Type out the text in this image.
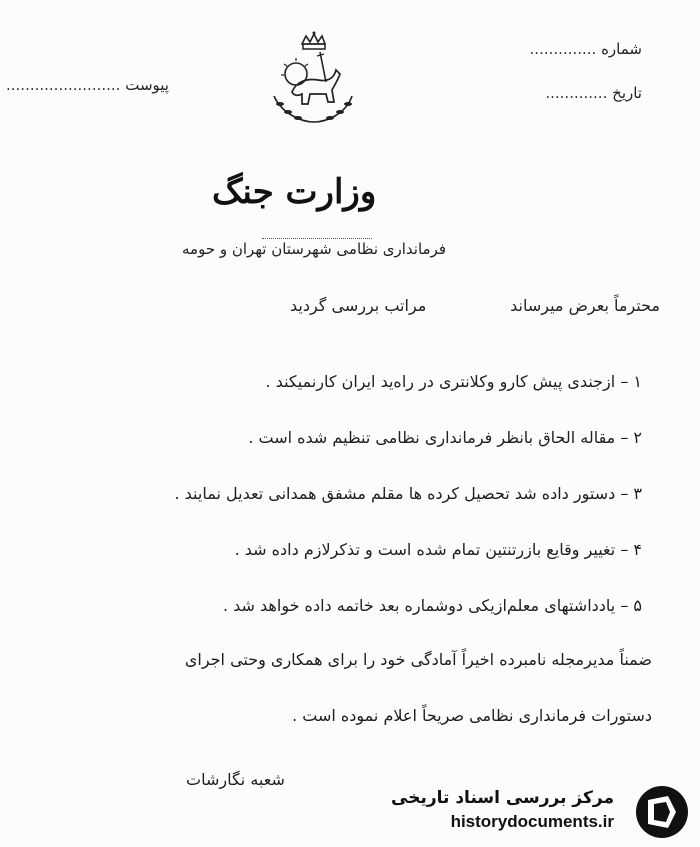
شماره ..............
تاریخ .............
پیوست ........................
وزارت جنگ
فرمانداری نظامی شهرستان تهران و حومه
محترماً بعرض میرساند
مراتب بررسی گردید
۱ – ازجندی پیش کارو وکلانتری در راه‌ید ایران کارنمیکند .
۲ – مقاله الحاق بانظر فرمانداری نظامی تنظیم شده است .
۳ – دستور داده شد تحصیل کرده ها مقلم مشفق همدانی تعدیل نمایند .
۴ – تغییر وقایع بازرتنتین تمام شده است و تذکرلازم داده شد .
۵ – یادداشتهای معلم‌ازیکی دوشماره بعد خاتمه داده خواهد شد .
ضمناً مدیرمجله نامبرده اخیراً آمادگی خود را برای همکاری وحتی اجرای
دستورات فرمانداری نظامی صریحاً اعلام نموده است .
شعبه نگارشات
مرکز بررسی اسناد تاریخی
historydocuments.ir
